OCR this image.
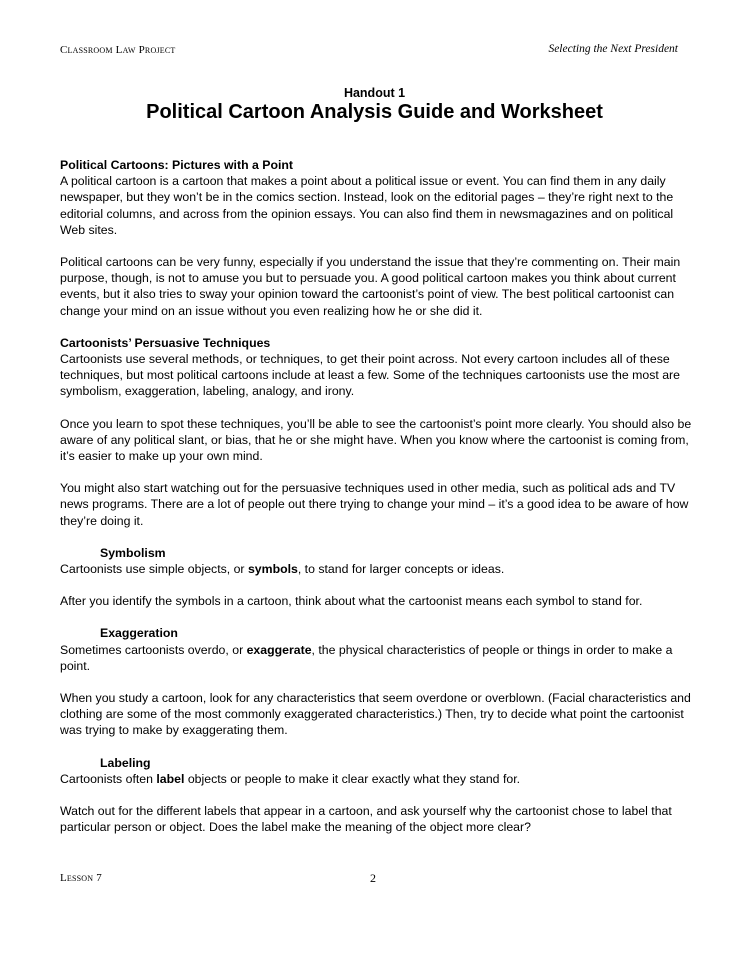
Classroom Law Project	Selecting the Next President
Handout 1
Political Cartoon Analysis Guide and Worksheet

Political Cartoons: Pictures with a Point

A political cartoon is a cartoon that makes a point about a political issue or event. You can find them in any daily newspaper, but they won’t be in the comics section. Instead, look on the editorial pages – they’re right next to the editorial columns, and across from the opinion essays. You can also find them in newsmagazines and on political Web sites.

Political cartoons can be very funny, especially if you understand the issue that they’re commenting on. Their main purpose, though, is not to amuse you but to persuade you. A good political cartoon makes you think about current events, but it also tries to sway your opinion toward the cartoonist’s point of view. The best political cartoonist can change your mind on an issue without you even realizing how he or she did it.

Cartoonists’ Persuasive Techniques

Cartoonists use several methods, or techniques, to get their point across. Not every cartoon includes all of these techniques, but most political cartoons include at least a few. Some of the techniques cartoonists use the most are symbolism, exaggeration, labeling, analogy, and irony.

Once you learn to spot these techniques, you’ll be able to see the cartoonist’s point more clearly. You should also be aware of any political slant, or bias, that he or she might have. When you know where the cartoonist is coming from, it’s easier to make up your own mind.

You might also start watching out for the persuasive techniques used in other media, such as political ads and TV news programs. There are a lot of people out there trying to change your mind – it’s a good idea to be aware of how they’re doing it.

Symbolism

Cartoonists use simple objects, or symbols, to stand for larger concepts or ideas.

After you identify the symbols in a cartoon, think about what the cartoonist means each symbol to stand for.

Exaggeration

Sometimes cartoonists overdo, or exaggerate, the physical characteristics of people or things in order to make a point.

When you study a cartoon, look for any characteristics that seem overdone or overblown. (Facial characteristics and clothing are some of the most commonly exaggerated characteristics.) Then, try to decide what point the cartoonist was trying to make by exaggerating them.

Labeling

Cartoonists often label objects or people to make it clear exactly what they stand for.

Watch out for the different labels that appear in a cartoon, and ask yourself why the cartoonist chose to label that particular person or object. Does the label make the meaning of the object more clear?

Lesson 7	2
